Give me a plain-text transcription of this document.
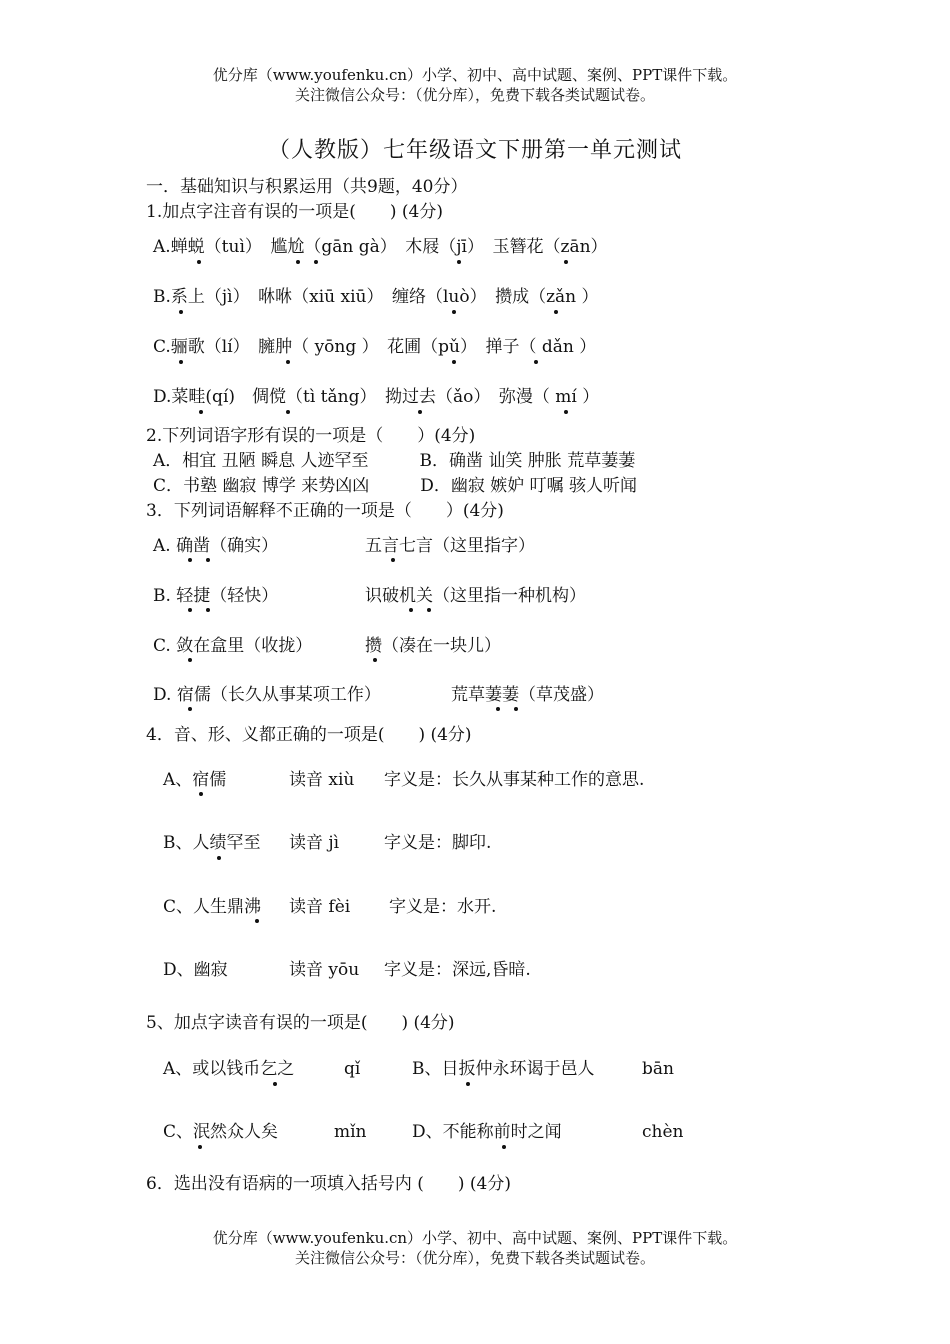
优分库（www.youfenku.cn）小学、初中、高中试题、案例、PPT课件下载。
关注微信公众号：（优分库），免费下载各类试题试卷。
（人教版）七年级语文下册第一单元测试
一．基础知识与积累运用（共9题，40分）
1.加点字注音有误的一项是(　　) (4分)
A.蝉蜕（tuì）　尴尬（gān gà）　木屐（jī）　玉簪花（zān）
B.系上（jì）　咻咻（xiū xiū）　缠络（luò）　攒成（zǎn ）
C.骊歌（lí）　臃肿（ yōng ）　花圃（pǔ）　掸子（ dǎn ）
D.菜畦(qí)　倜傥（tì tǎng）　拗过去（ǎo）　弥漫（ mí ）
2.下列词语字形有误的一项是（　　）(4分)
A．相宜 丑陋 瞬息 人迹罕至　　　B．确凿 讪笑 肿胀 荒草萋萋
C．书塾 幽寂 博学 来势凶凶　　　D．幽寂 嫉妒 叮嘱 骇人听闻
3．下列词语解释不正确的一项是（　　）(4分)
A. 确凿（确实）	五言七言（这里指字）
B. 轻捷（轻快）	识破机关（这里指一种机构）
C. 敛在盒里（收拢）	攒（凑在一块儿）
D. 宿儒（长久从事某项工作）	荒草萋萋（草茂盛）
4．音、形、义都正确的一项是(　　) (4分)
A、宿儒	读音 xiù 字义是：长久从事某种工作的意思.
B、人绩罕至 读音 jì	字义是：脚印.
C、人生鼎沸 读音 fèi 字义是：水开.
D、幽寂	读音 yōu 字义是：深远,昏暗.
5、加点字读音有误的一项是(　　) (4分)
A、或以钱币乞之	qǐ	B、日扳仲永环谒于邑人	bān
C、泯然众人矣	mǐn	D、不能称前时之闻	chèn
6．选出没有语病的一项填入括号内 (　　) (4分)
优分库（www.youfenku.cn）小学、初中、高中试题、案例、PPT课件下载。
关注微信公众号：（优分库），免费下载各类试题试卷。
